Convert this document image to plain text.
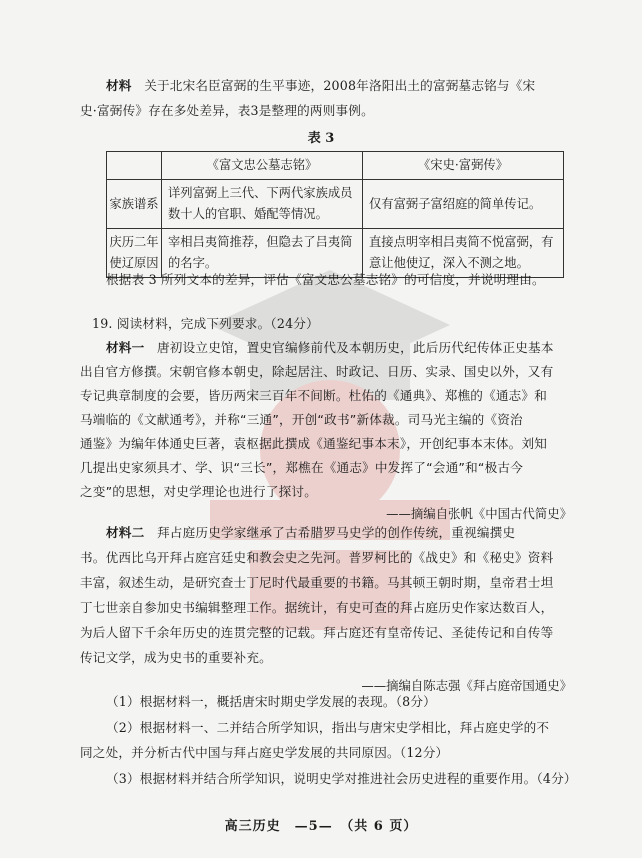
材料 关于北宋名臣富弼的生平事迹，2008年洛阳出土的富弼墓志铭与《宋

史·富弼传》存在多处差异，表3是整理的两则事例。

表 3
	《富文忠公墓志铭》	《宋史·富弼传》
家族谱系	详列富弼上三代、下两代家族成员数十人的官职、婚配等情况。	仅有富弼子富绍庭的简单传记。
庆历二年使辽原因	宰相吕夷简推荐，但隐去了吕夷简的名字。	直接点明宰相吕夷简不悦富弼，有意让他使辽，深入不测之地。

根据表 3 所列文本的差异，评估《富文忠公墓志铭》的可信度，并说明理由。

19. 阅读材料，完成下列要求。（24分）

材料一 唐初设立史馆，置史官编修前代及本朝历史，此后历代纪传体正史基本

出自官方修撰。宋朝官修本朝史，除起居注、时政记、日历、实录、国史以外，又有

专记典章制度的会要，皆历两宋三百年不间断。杜佑的《通典》、郑樵的《通志》和

马端临的《文献通考》，并称“三通”，开创“政书”新体裁。司马光主编的《资治

通鉴》为编年体通史巨著，袁枢据此撰成《通鉴纪事本末》，开创纪事本末体。刘知

几提出史家须具才、学、识“三长”，郑樵在《通志》中发挥了“会通”和“极古今

之变”的思想，对史学理论也进行了探讨。

——摘编自张帆《中国古代简史》

材料二 拜占庭历史学家继承了古希腊罗马史学的创作传统，重视编撰史

书。优西比乌开拜占庭宫廷史和教会史之先河。普罗柯比的《战史》和《秘史》资料

丰富，叙述生动，是研究查士丁尼时代最重要的书籍。马其顿王朝时期，皇帝君士坦

丁七世亲自参加史书编辑整理工作。据统计，有史可查的拜占庭历史作家达数百人，

为后人留下千余年历史的连贯完整的记载。拜占庭还有皇帝传记、圣徒传记和自传等

传记文学，成为史书的重要补充。

——摘编自陈志强《拜占庭帝国通史》

（1）根据材料一，概括唐宋时期史学发展的表现。（8分）

（2）根据材料一、二并结合所学知识，指出与唐宋史学相比，拜占庭史学的不

同之处，并分析古代中国与拜占庭史学发展的共同原因。（12分）

（3）根据材料并结合所学知识，说明史学对推进社会历史进程的重要作用。（4分）

高三历史　—5—　（共 6 页）
